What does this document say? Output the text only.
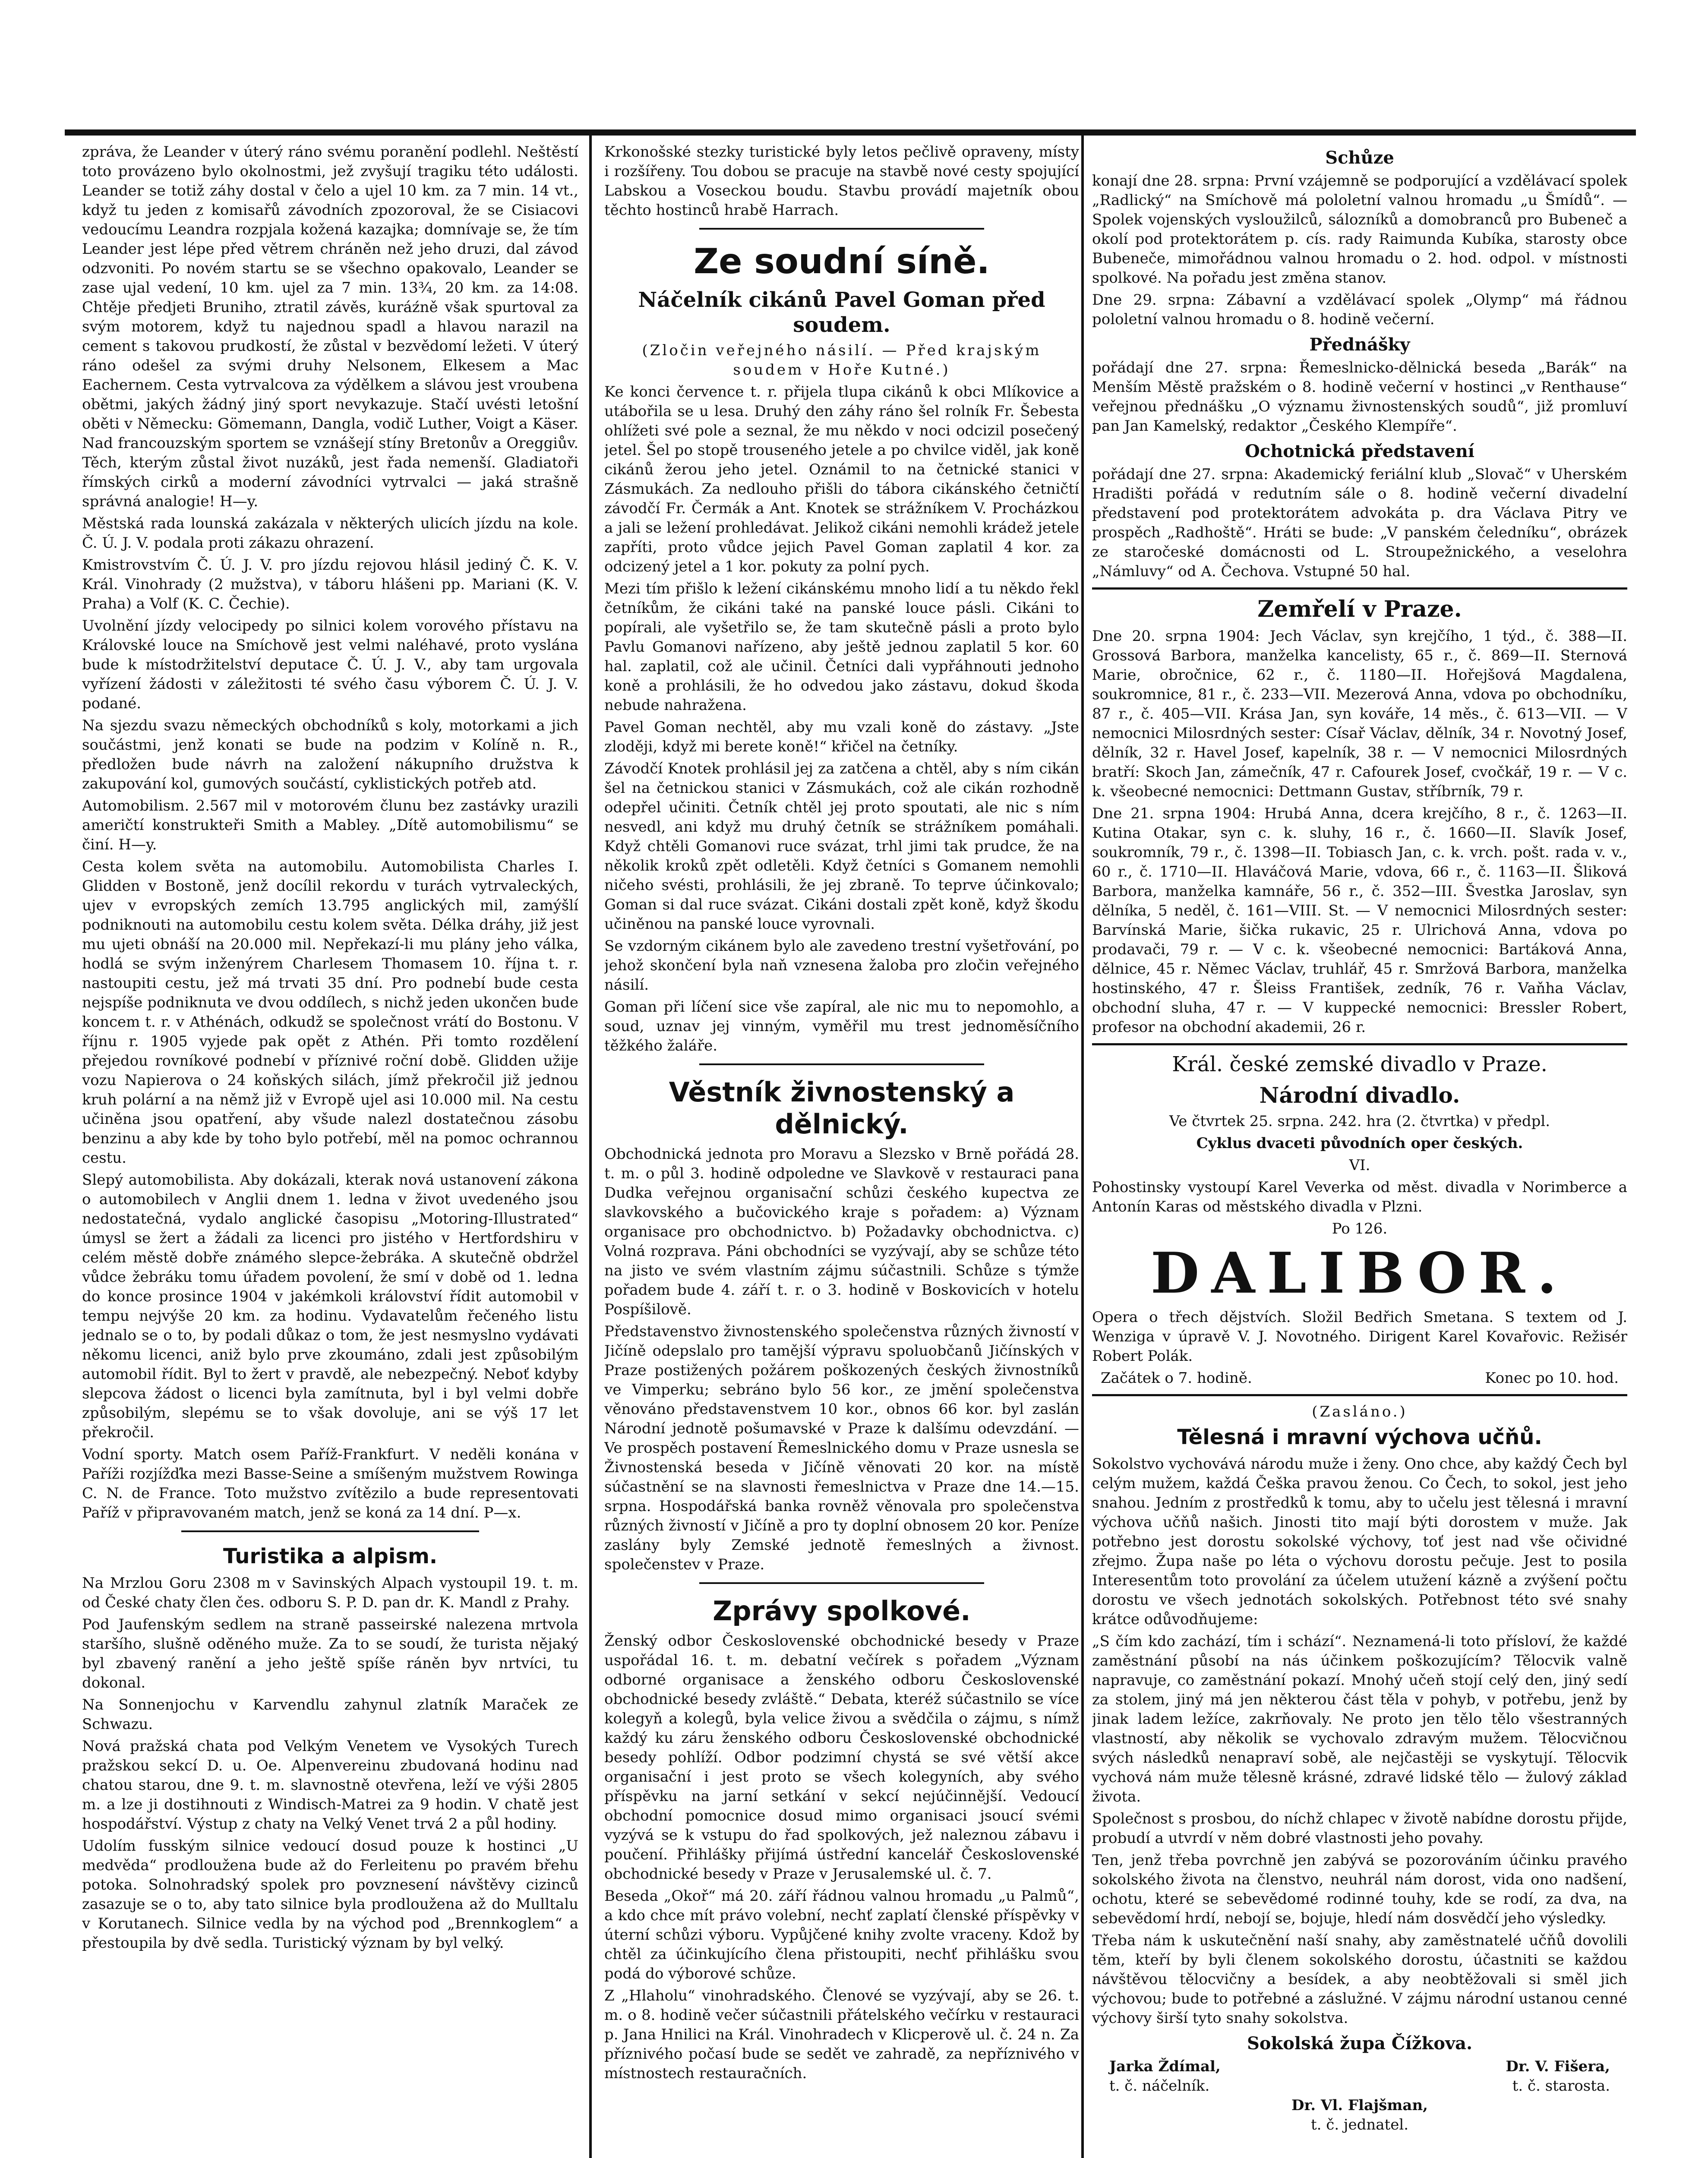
zpráva, že Leander v úterý ráno svému poranění podlehl. Neštěstí toto provázeno bylo okolnostmi, jež zvyšují tragiku této události. Leander se totiž záhy dostal v čelo a ujel 10 km. za 7 min. 14 vt., když tu jeden z komisařů závodních zpozoroval, že se Cisiacovi vedoucímu Leandra rozpjala kožená kazajka; domnívaje se, že tím Leander jest lépe před větrem chráněn než jeho druzi, dal závod odzvoniti. Po novém startu se se všechno opakovalo, Leander se zase ujal vedení, 10 km. ujel za 7 min. 13¾, 20 km. za 14:08. Chtěje předjeti Bruniho, ztratil závěs, kuráźně však spurtoval za svým motorem, když tu najednou spadl a hlavou narazil na cement s takovou prudkostí, že zůstal v bezvědomí ležeti. V úterý ráno odešel za svými druhy Nelsonem, Elkesem a Mac Eachernem. Cesta vytrvalcova za výdělkem a slávou jest vroubena obětmi, jakých žádný jiný sport nevykazuje. Stačí uvésti letošní oběti v Německu: Gömemann, Dangla, vodič Luther, Voigt a Käser. Nad francouzským sportem se vznášejí stíny Bretonův a Oreggiův. Těch, kterým zůstal život nuzáků, jest řada nemenší. Gladiatoři římských cirků a moderní závodníci vytrvalci — jaká strašně správná analogie! H—y.

Městská rada lounská zakázala v některých ulicích jízdu na kole. Č. Ú. J. V. podala proti zákazu ohrazení.

Kmistrovstvím Č. Ú. J. V. pro jízdu rejovou hlásil jediný Č. K. V. Král. Vinohrady (2 mužstva), v táboru hlášeni pp. Mariani (K. V. Praha) a Volf (K. C. Čechie).

Uvolnění jízdy velocipedy po silnici kolem vorového přístavu na Královské louce na Smíchově jest velmi naléhavé, proto vyslána bude k místodržitelství deputace Č. Ú. J. V., aby tam urgovala vyřízení žádosti v záležitosti té svého času výborem Č. Ú. J. V. podané.

Na sjezdu svazu německých obchodníků s koly, motorkami a jich součástmi, jenž konati se bude na podzim v Kolíně n. R., předložen bude návrh na založení nákupního družstva k zakupování kol, gumových součástí, cyklistických potřeb atd.

Automobilism. 2.567 mil v motorovém člunu bez zastávky urazili američtí konstrukteři Smith a Mabley. „Dítě automobilismu“ se činí. H—y.

Cesta kolem světa na automobilu. Automobilista Charles I. Glidden v Bostoně, jenž docílil rekordu v turách vytrvaleckých, ujev v evropských zemích 13.795 anglických mil, zamýšlí podniknouti na automobilu cestu kolem světa. Délka dráhy, již jest mu ujeti obnáší na 20.000 mil. Nepřekazí-li mu plány jeho válka, hodlá se svým inženýrem Charlesem Thomasem 10. října t. r. nastoupiti cestu, jež má trvati 35 dní. Pro podnebí bude cesta nejspíše podniknuta ve dvou oddílech, s nichž jeden ukončen bude koncem t. r. v Athénách, odkudž se společnost vrátí do Bostonu. V říjnu r. 1905 vyjede pak opět z Athén. Při tomto rozdělení přejedou rovníkové podnebí v příznivé roční době. Glidden užije vozu Napierova o 24 koňských silách, jímž překročil již jednou kruh polární a na němž již v Evropě ujel asi 10.000 mil. Na cestu učiněna jsou opatření, aby všude nalezl dostatečnou zásobu benzinu a aby kde by toho bylo potřebí, měl na pomoc ochrannou cestu.

Slepý automobilista. Aby dokázali, kterak nová ustanovení zákona o automobilech v Anglii dnem 1. ledna v život uvedeného jsou nedostatečná, vydalo anglické časopisu „Motoring-Illustrated“ úmysl se žert a žádali za licenci pro jistého v Hertfordshiru v celém městě dobře známého slepce-žebráka. A skutečně obdržel vůdce žebráku tomu úřadem povolení, že smí v době od 1. ledna do konce prosince 1904 v jakémkoli království řídit automobil v tempu nejvýše 20 km. za hodinu. Vydavatelům řečeného listu jednalo se o to, by podali důkaz o tom, že jest nesmyslno vydávati někomu licenci, aniž bylo prve zkoumáno, zdali jest způsobilým automobil řídit. Byl to žert v pravdě, ale nebezpečný. Neboť kdyby slepcova žádost o licenci byla zamítnuta, byl i byl velmi dobře způsobilým, slepému se to však dovoluje, ani se výš 17 let překročil.

Vodní sporty. Match osem Paříž-Frankfurt. V neděli konána v Paříži rozjížďka mezi Basse-Seine a smíšeným mužstvem Rowinga C. N. de France. Toto mužstvo zvítězilo a bude representovati Paříž v připravovaném match, jenž se koná za 14 dní. P—x.

Turistika a alpism.

Na Mrzlou Goru 2308 m v Savinských Alpach vystoupil 19. t. m. od České chaty člen čes. odboru S. P. D. pan dr. K. Mandl z Prahy.

Pod Jaufenským sedlem na straně passeirské nalezena mrtvola staršího, slušně oděného muže. Za to se soudí, že turista nějaký byl zbavený ranění a jeho ještě spíše ráněn byv nrtvíci, tu dokonal.

Na Sonnenjochu v Karvendlu zahynul zlatník Maraček ze Schwazu.

Nová pražská chata pod Velkým Venetem ve Vysokých Turech pražskou sekcí D. u. Oe. Alpenvereinu zbudovaná hodinu nad chatou starou, dne 9. t. m. slavnostně otevřena, leží ve výši 2805 m. a lze ji dostihnouti z Windisch-Matrei za 9 hodin. V chatě jest hospodářství. Výstup z chaty na Velký Venet trvá 2 a půl hodiny.

Udolím fusským silnice vedoucí dosud pouze k hostinci „U medvěda“ prodloužena bude až do Ferleitenu po pravém břehu potoka. Solnohradský spolek pro povznesení návštěvy cizinců zasazuje se o to, aby tato silnice byla prodloužena až do Mulltalu v Korutanech. Silnice vedla by na východ pod „Brennkoglem“ a přestoupila by dvě sedla. Turistický význam by byl velký.

Krkonošské stezky turistické byly letos pečlivě opraveny, místy i rozšířeny. Tou dobou se pracuje na stavbě nové cesty spojující Labskou a Voseckou boudu. Stavbu provádí majetník obou těchto hostinců hrabě Harrach.

Ze soudní síně.
Náčelník cikánů Pavel Goman před soudem.

(Zločin veřejného násilí. — Před krajským soudem v Hoře Kutné.)

Ke konci července t. r. přijela tlupa cikánů k obci Mlíkovice a utábořila se u lesa. Druhý den záhy ráno šel rolník Fr. Šebesta ohlížeti své pole a seznal, že mu někdo v noci odcizil posečený jetel. Šel po stopě trouseného jetele a po chvilce viděl, jak koně cikánů žerou jeho jetel. Oznámil to na četnické stanici v Zásmukách. Za nedlouho přišli do tábora cikánského četničtí závodčí Fr. Čermák a Ant. Knotek se strážníkem V. Procházkou a jali se ležení prohledávat. Jelikož cikáni nemohli krádež jetele zapříti, proto vůdce jejich Pavel Goman zaplatil 4 kor. za odcizený jetel a 1 kor. pokuty za polní pych.

Mezi tím přišlo k ležení cikánskému mnoho lidí a tu někdo řekl četníkům, že cikáni také na panské louce pásli. Cikáni to popírali, ale vyšetřilo se, že tam skutečně pásli a proto bylo Pavlu Gomanovi nařízeno, aby ještě jednou zaplatil 5 kor. 60 hal. zaplatil, což ale učinil. Četníci dali vypřáhnouti jednoho koně a prohlásili, že ho odvedou jako zástavu, dokud škoda nebude nahražena.

Pavel Goman nechtěl, aby mu vzali koně do zástavy. „Jste zloději, když mi berete koně!“ křičel na četníky.

Závodčí Knotek prohlásil jej za zatčena a chtěl, aby s ním cikán šel na četnickou stanici v Zásmukách, což ale cikán rozhodně odepřel učiniti. Četník chtěl jej proto spoutati, ale nic s ním nesvedl, ani když mu druhý četník se strážníkem pomáhali. Když chtěli Gomanovi ruce svázat, trhl jimi tak prudce, že na několik kroků zpět odletěli. Když četníci s Gomanem nemohli ničeho svésti, prohlásili, že jej zbraně. To teprve účinkovalo; Goman si dal ruce svázat. Cikáni dostali zpět koně, když škodu učiněnou na panské louce vyrovnali.

Se vzdorným cikánem bylo ale zavedeno trestní vyšetřování, po jehož skončení byla naň vznesena žaloba pro zločin veřejného násilí.

Goman při líčení sice vše zapíral, ale nic mu to nepomohlo, a soud, uznav jej vinným, vyměřil mu trest jednoměsíčního těžkého žaláře.

Věstník živnostenský a dělnický.

Obchodnická jednota pro Moravu a Slezsko v Brně pořádá 28. t. m. o půl 3. hodině odpoledne ve Slavkově v restauraci pana Dudka veřejnou organisační schůzi českého kupectva ze slavkovského a bučovického kraje s pořadem: a) Význam organisace pro obchodnictvo. b) Požadavky obchodnictva. c) Volná rozprava. Páni obchodníci se vyzývají, aby se schůze této na jisto ve svém vlastním zájmu súčastnili. Schůze s týmže pořadem bude 4. září t. r. o 3. hodině v Boskovicích v hotelu Pospíšilově.

Představenstvo živnostenského společenstva různých živností v Jičíně odepslalo pro tamější výpravu spoluobčanů Jičínských v Praze postižených požárem poškozených českých živnostníků ve Vimperku; sebráno bylo 56 kor., ze jmění společenstva věnováno představenstvem 10 kor., obnos 66 kor. byl zaslán Národní jednotě pošumavské v Praze k dalšímu odevzdání. — Ve prospěch postavení Řemeslnického domu v Praze usnesla se Živnostenská beseda v Jičíně věnovati 20 kor. na místě súčastnění se na slavnosti řemeslnictva v Praze dne 14.—15. srpna. Hospodářská banka rovněž věnovala pro společenstva různých živností v Jičíně a pro ty doplní obnosem 20 kor. Peníze zaslány byly Zemské jednotě řemeslných a živnost. společenstev v Praze.

Zprávy spolkové.

Ženský odbor Československé obchodnické besedy v Praze uspořádal 16. t. m. debatní večírek s pořadem „Význam odborné organisace a ženského odboru Československé obchodnické besedy zvláště.“ Debata, kteréž súčastnilo se více kolegyň a kolegů, byla velice živou a svědčila o zájmu, s nímž každý ku záru ženského odboru Československé obchodnické besedy pohlíží. Odbor podzimní chystá se své větší akce organisační i jest proto se všech kolegyních, aby svého příspěvku na jarní setkání v sekcí nejúčinnější. Vedoucí obchodní pomocnice dosud mimo organisaci jsoucí svémi vyzývá se k vstupu do řad spolkových, jež naleznou zábavu i poučení. Přihlášky přijímá ústřední kancelář Československé obchodnické besedy v Praze v Jerusalemské ul. č. 7.

Beseda „Okoř“ má 20. září řádnou valnou hromadu „u Palmů“, a kdo chce mít právo volební, nechť zaplatí členské příspěvky v úterní schůzi výboru. Vypůjčené knihy zvolte vraceny. Kdož by chtěl za účinkujícího člena přistoupiti, nechť přihlášku svou podá do výborové schůze.

Z „Hlaholu“ vinohradského. Členové se vyzývají, aby se 26. t. m. o 8. hodině večer súčastnili přátelského večírku v restauraci p. Jana Hnilici na Král. Vinohradech v Klicperově ul. č. 24 n. Za příznivého počasí bude se sedět ve zahradě, za nepříznivého v místnostech restauračních.

Schůze

konají dne 28. srpna: První vzájemně se podporující a vzdělávací spolek „Radlický“ na Smíchově má pololetní valnou hromadu „u Šmídů“. — Spolek vojenských vysloužilců, sálozníků a domobranců pro Bubeneč a okolí pod protektorátem p. cís. rady Raimunda Kubíka, starosty obce Bubeneče, mimořádnou valnou hromadu o 2. hod. odpol. v místnosti spolkové. Na pořadu jest změna stanov.

Dne 29. srpna: Zábavní a vzdělávací spolek „Olymp“ má řádnou pololetní valnou hromadu o 8. hodině večerní.

Přednášky

pořádají dne 27. srpna: Řemeslnicko-dělnická beseda „Barák“ na Menším Městě pražském o 8. hodině večerní v hostinci „v Renthause“ veřejnou přednášku „O významu živnostenských soudů“, již promluví pan Jan Kamelský, redaktor „Českého Klempíře“.

Ochotnická představení

pořádají dne 27. srpna: Akademický feriální klub „Slovač“ v Uherském Hradišti pořádá v redutním sále o 8. hodině večerní divadelní představení pod protektorátem advokáta p. dra Václava Pitry ve prospěch „Radhoště“. Hráti se bude: „V panském čeledníku“, obrázek ze staročeské domácnosti od L. Stroupežnického, a veselohra „Námluvy“ od A. Čechova. Vstupné 50 hal.

Zemřelí v Praze.

Dne 20. srpna 1904: Jech Václav, syn krejčího, 1 týd., č. 388—II. Grossová Barbora, manželka kancelisty, 65 r., č. 869—II. Sternová Marie, obročnice, 62 r., č. 1180—II. Hořejšová Magdalena, soukromnice, 81 r., č. 233—VII. Mezerová Anna, vdova po obchodníku, 87 r., č. 405—VII. Krása Jan, syn kováře, 14 měs., č. 613—VII. — V nemocnici Milosrdných sester: Císař Václav, dělník, 34 r. Novotný Josef, dělník, 32 r. Havel Josef, kapelník, 38 r. — V nemocnici Milosrdných bratří: Skoch Jan, zámečník, 47 r. Cafourek Josef, cvočkář, 19 r. — V c. k. všeobecné nemocnici: Dettmann Gustav, stříbrník, 79 r.

Dne 21. srpna 1904: Hrubá Anna, dcera krejčího, 8 r., č. 1263—II. Kutina Otakar, syn c. k. sluhy, 16 r., č. 1660—II. Slavík Josef, soukromník, 79 r., č. 1398—II. Tobiasch Jan, c. k. vrch. pošt. rada v. v., 60 r., č. 1710—II. Hlaváčová Marie, vdova, 66 r., č. 1163—II. Šliková Barbora, manželka kamnáře, 56 r., č. 352—III. Švestka Jaroslav, syn dělníka, 5 neděl, č. 161—VIII. St. — V nemocnici Milosrdných sester: Barvínská Marie, šička rukavic, 25 r. Ulrichová Anna, vdova po prodavači, 79 r. — V c. k. všeobecné nemocnici: Bartáková Anna, dělnice, 45 r. Němec Václav, truhlář, 45 r. Smržová Barbora, manželka hostinského, 47 r. Šleiss František, zedník, 76 r. Vaňha Václav, obchodní sluha, 47 r. — V kuppecké nemocnici: Bressler Robert, profesor na obchodní akademii, 26 r.

Král. české zemské divadlo v Praze.
Národní divadlo.

Ve čtvrtek 25. srpna. 242. hra (2. čtvrtka) v předpl.

Cyklus dvaceti původních oper českých.

VI.

Pohostinsky vystoupí Karel Veverka od měst. divadla v Norimberce a Antonín Karas od městského divadla v Plzni.

Po 126.

DALIBOR.

Opera o třech dějstvích. Složil Bedřich Smetana. S textem od J. Wenziga v úpravě V. J. Novotného. Dirigent Karel Kovařovic. Režisér Robert Polák.

Začátek o 7. hodině.	Konec po 10. hod.

(Zasláno.)

Tělesná i mravní výchova učňů.

Sokolstvo vychovává národu muže i ženy. Ono chce, aby každý Čech byl celým mužem, každá Češka pravou ženou. Co Čech, to sokol, jest jeho snahou. Jedním z prostředků k tomu, aby to učelu jest tělesná i mravní výchova učňů našich. Jinosti tito mají býti dorostem v muže. Jak potřebno jest dorostu sokolské výchovy, toť jest nad vše očividné zřejmo. Župa naše po léta o výchovu dorostu pečuje. Jest to posila Interesentům toto provolání za účelem utužení kázně a zvýšení počtu dorostu ve všech jednotách sokolských. Potřebnost této své snahy krátce odůvodňujeme:

„S čím kdo zachází, tím i schází“. Neznamená-li toto přísloví, že každé zaměstnání působí na nás účinkem poškozujícím? Tělocvik valně napravuje, co zaměstnání pokazí. Mnohý učeň stojí celý den, jiný sedí za stolem, jiný má jen některou část těla v pohyb, v potřebu, jenž by jinak ladem ležíce, zakrňovaly. Ne proto jen tělo tělo všestranných vlastností, aby několik se vychovalo zdravým mužem. Tělocvičnou svých následků nenapraví sobě, ale nejčastěji se vyskytují. Tělocvik vychová nám muže tělesně krásné, zdravé lidské tělo — žulový základ života.

Společnost s prosbou, do níchž chlapec v životě nabídne dorostu přijde, probudí a utvrdí v něm dobré vlastnosti jeho povahy.

Ten, jenž třeba povrchně jen zabývá se pozorováním účinku pravého sokolského života na členstvo, neuhrál nám dorost, vida ono nadšení, ochotu, které se sebevědomé rodinné touhy, kde se rodí, za dva, na sebevědomí hrdí, nebojí se, bojuje, hledí nám dosvědčí jeho výsledky.

Třeba nám k uskutečnění naší snahy, aby zaměstnatelé učňů dovolili těm, kteří by byli členem sokolského dorostu, účastniti se každou návštěvou tělocvičny a besídek, a aby neobtěžovali si směl jich výchovou; bude to potřebné a záslužné. V zájmu národní ustanou cenné výchovy širší tyto snahy sokolstva.

Sokolská župa Čížkova.
Jarka Ždímal,	Dr. V. Fišera,
t. č. náčelník.	t. č. starosta.
Dr. Vl. Flajšman,
t. č. jednatel.
